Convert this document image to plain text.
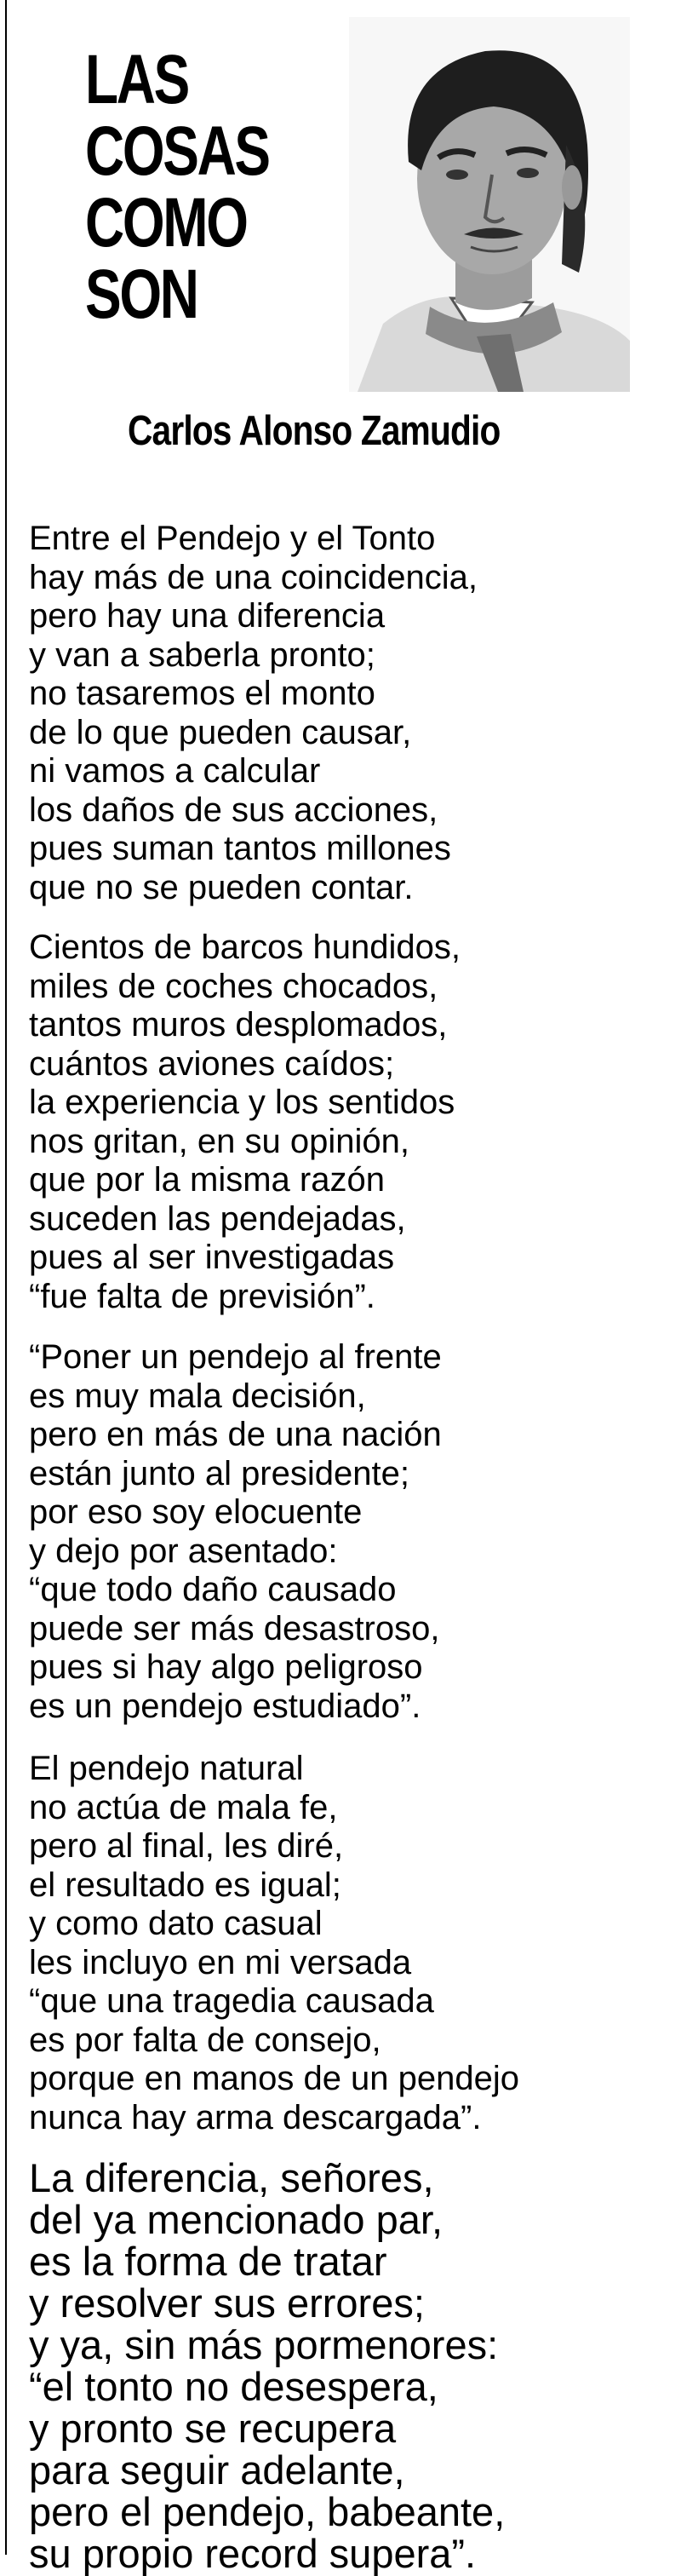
LAS
COSAS
COMO
SON
Carlos Alonso Zamudio
Entre el Pendejo y el Tonto
hay más de una coincidencia,
pero hay una diferencia
y van a saberla pronto;
no tasaremos el monto
de lo que pueden causar,
ni vamos a calcular
los daños de sus acciones,
pues suman tantos millones
que no se pueden contar.
Cientos de barcos hundidos,
miles de coches chocados,
tantos muros desplomados,
cuántos aviones caídos;
la experiencia y los sentidos
nos gritan, en su opinión,
que por la misma razón
suceden las pendejadas,
pues al ser investigadas
“fue falta de previsión”.
“Poner un pendejo al frente
es muy mala decisión,
pero en más de una nación
están junto al presidente;
por eso soy elocuente
y dejo por asentado:
“que todo daño causado
puede ser más desastroso,
pues si hay algo peligroso
es un pendejo estudiado”.
El pendejo natural
no actúa de mala fe,
pero al final, les diré,
el resultado es igual;
y como dato casual
les incluyo en mi versada
“que una tragedia causada
es por falta de consejo,
porque en manos de un pendejo
nunca hay arma descargada”.
La diferencia, señores,
del ya mencionado par,
es la forma de tratar
y resolver sus errores;
y ya, sin más pormenores:
“el tonto no desespera,
y pronto se recupera
para seguir adelante,
pero el pendejo, babeante,
su propio record supera”.
